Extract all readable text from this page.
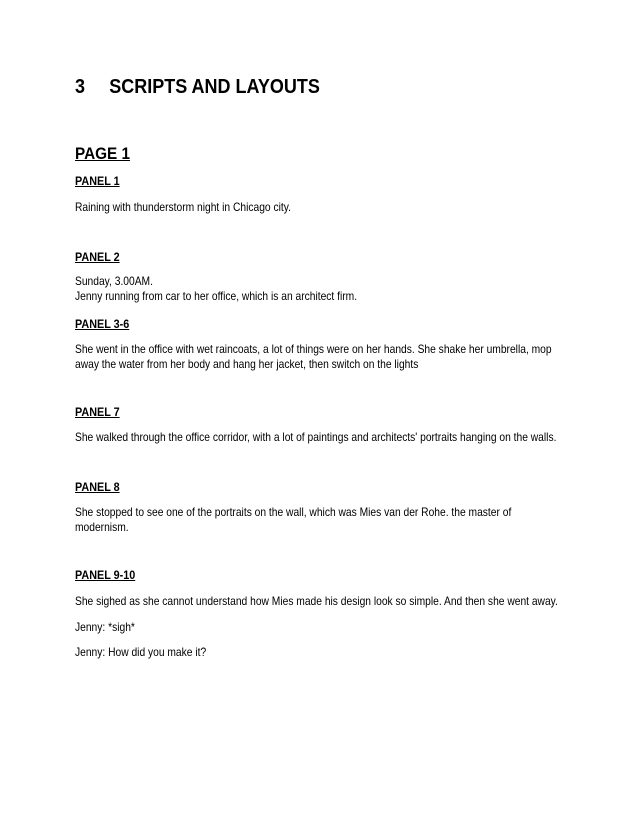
3 SCRIPTS AND LAYOUTS
PAGE 1
PANEL 1

Raining with thunderstorm night in Chicago city.

PANEL 2

Sunday, 3.00AM.

Jenny running from car to her office, which is an architect firm.

PANEL 3-6

She went in the office with wet raincoats, a lot of things were on her hands. She shake her umbrella, mop

away the water from her body and hang her jacket, then switch on the lights

PANEL 7

She walked through the office corridor, with a lot of paintings and architects' portraits hanging on the walls.

PANEL 8

She stopped to see one of the portraits on the wall, which was Mies van der Rohe. the master of

modernism.

PANEL 9-10

She sighed as she cannot understand how Mies made his design look so simple. And then she went away.

Jenny: *sigh*

Jenny: How did you make it?
